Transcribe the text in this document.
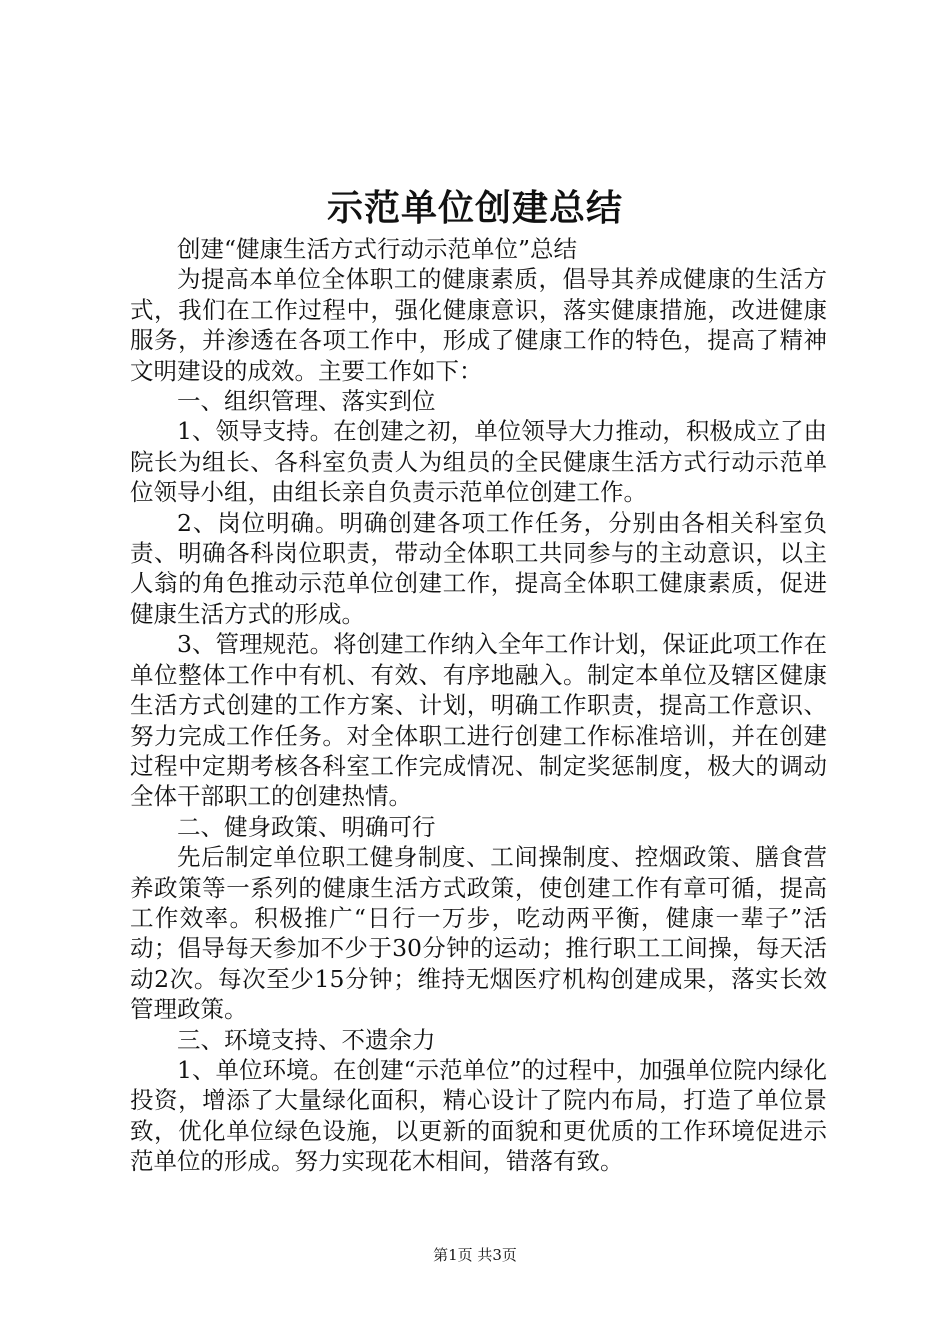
示范单位创建总结

创建“健康生活方式行动示范单位”总结

为提高本单位全体职工的健康素质，倡导其养成健康的生活方式，我们在工作过程中，强化健康意识，落实健康措施，改进健康服务，并渗透在各项工作中，形成了健康工作的特色，提高了精神文明建设的成效。主要工作如下：

一、组织管理、落实到位

1、领导支持。在创建之初，单位领导大力推动，积极成立了由院长为组长、各科室负责人为组员的全民健康生活方式行动示范单位领导小组，由组长亲自负责示范单位创建工作。

2、岗位明确。明确创建各项工作任务，分别由各相关科室负责、明确各科岗位职责，带动全体职工共同参与的主动意识，以主人翁的角色推动示范单位创建工作，提高全体职工健康素质，促进健康生活方式的形成。

3、管理规范。将创建工作纳入全年工作计划，保证此项工作在单位整体工作中有机、有效、有序地融入。制定本单位及辖区健康生活方式创建的工作方案、计划，明确工作职责，提高工作意识、努力完成工作任务。对全体职工进行创建工作标准培训，并在创建过程中定期考核各科室工作完成情况、制定奖惩制度，极大的调动全体干部职工的创建热情。

二、健身政策、明确可行

先后制定单位职工健身制度、工间操制度、控烟政策、膳食营养政策等一系列的健康生活方式政策，使创建工作有章可循，提高工作效率。积极推广“日行一万步，吃动两平衡，健康一辈子”活动；倡导每天参加不少于30分钟的运动；推行职工工间操，每天活动2次。每次至少15分钟；维持无烟医疗机构创建成果，落实长效管理政策。

三、环境支持、不遗余力

1、单位环境。在创建“示范单位”的过程中，加强单位院内绿化投资，增添了大量绿化面积，精心设计了院内布局，打造了单位景致，优化单位绿色设施，以更新的面貌和更优质的工作环境促进示范单位的形成。努力实现花木相间，错落有致。

第1页 共3页
